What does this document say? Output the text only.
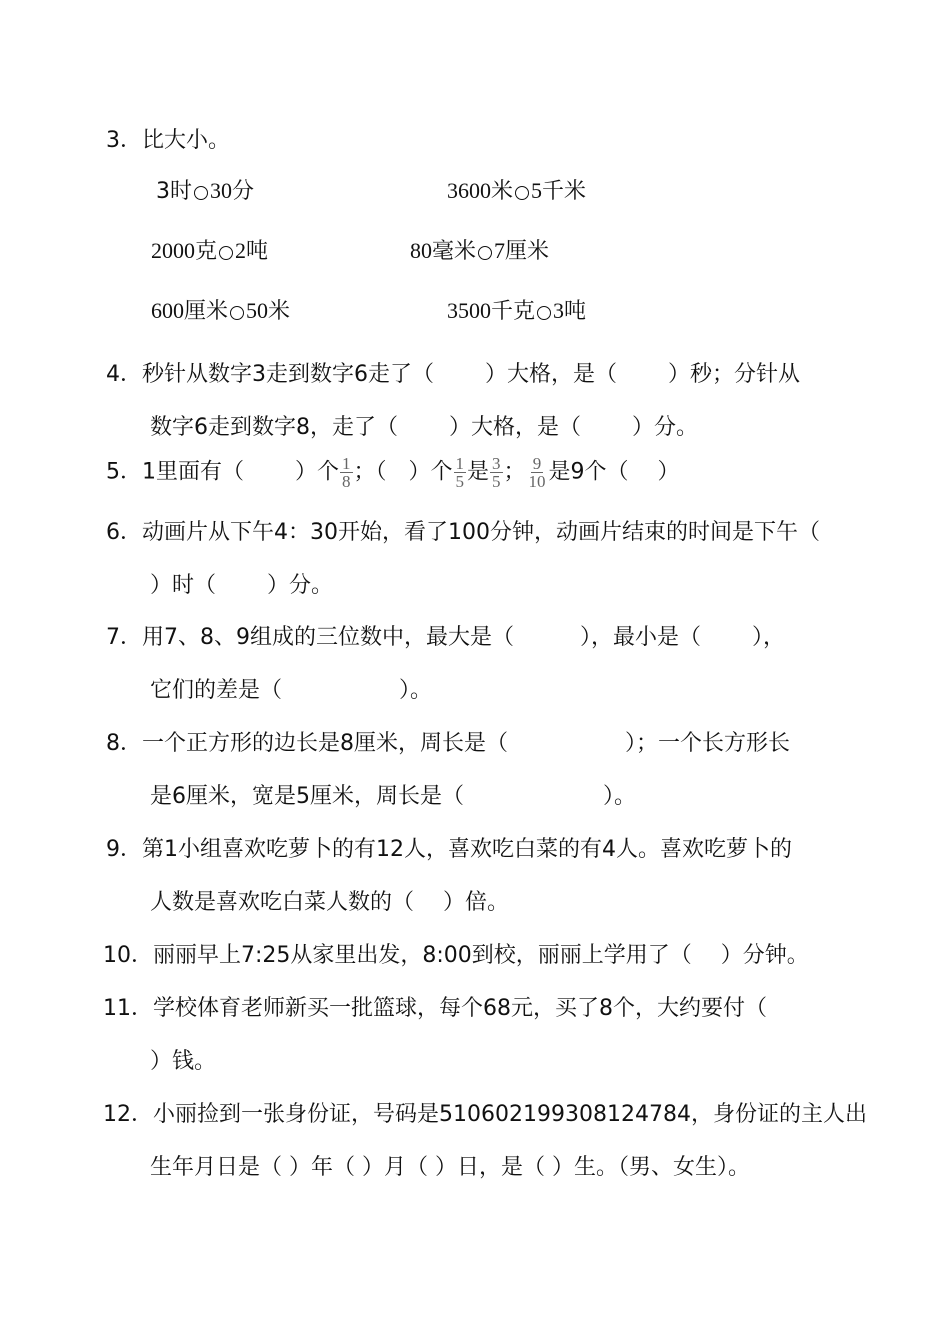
3．比大小。
3时 30分	3600米 5千米
2000克 2吨	80毫米 7厘米
600厘米 50米	3500千克 3吨
4．秒针从数字3走到数字6走了（　　 ）大格，是（　　 ）秒；分针从
数字6走到数字8，走了（　　 ）大格，是（　　 ）分。
5．1里面有（　　 ）个 $\frac{1}{8}$ ；（　）个 $\frac{1}{5}$ 是 $\frac{3}{5}$ ； $\frac{9}{10}$ 是9个（　 ）
6．动画片从下午4：30开始，看了100分钟，动画片结束的时间是下午（
）时（　　 ）分。
7．用7、8、9组成的三位数中，最大是（　　　），最小是（　　 ），
它们的差是（　　　　　 ）。
8．一个正方形的边长是8厘米，周长是（　　　　　 ）；一个长方形长
是6厘米，宽是5厘米，周长是（　　　　　　 ）。
9．第1小组喜欢吃萝卜的有12人，喜欢吃白菜的有4人。喜欢吃萝卜的
人数是喜欢吃白菜人数的（　 ）倍。
10．丽丽早上7:25从家里出发，8:00到校，丽丽上学用了（　 ）分钟。
11．学校体育老师新买一批篮球，每个68元，买了8个，大约要付（
）钱。
12．小丽捡到一张身份证，号码是510602199308124784，身份证的主人出
生年月日是（ ）年（ ）月（ ）日，是（ ）生。（男、女生）。
